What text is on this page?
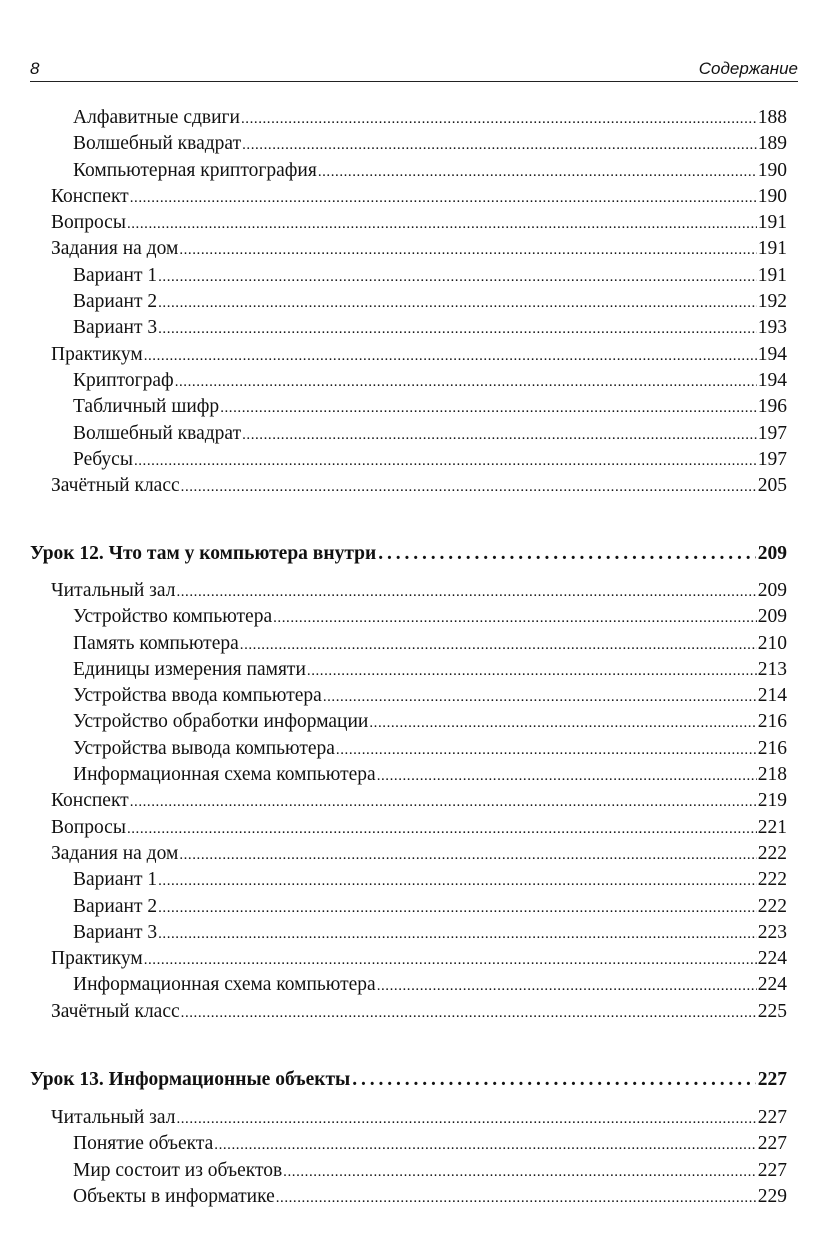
8	Содержание
Алфавитные сдвиги . . .	188
Волшебный квадрат . . .	189
Компьютерная криптография . . .	190
Конспект . . .	190
Вопросы . . .	191
Задания на дом . . .	191
Вариант 1 . . .	191
Вариант 2 . . .	192
Вариант 3 . . .	193
Практикум . . .	194
Криптограф . . .	194
Табличный шифр . . .	196
Волшебный квадрат . . .	197
Ребусы . . .	197
Зачётный класс . . .	205
Урок 12. Что там у компьютера внутри . . .	209
Читальный зал . . .	209
Устройство компьютера . . .	209
Память компьютера . . .	210
Единицы измерения памяти . . .	213
Устройства ввода компьютера . . .	214
Устройство обработки информации . . .	216
Устройства вывода компьютера . . .	216
Информационная схема компьютера . . .	218
Конспект . . .	219
Вопросы . . .	221
Задания на дом . . .	222
Вариант 1 . . .	222
Вариант 2 . . .	222
Вариант 3 . . .	223
Практикум . . .	224
Информационная схема компьютера . . .	224
Зачётный класс . . .	225
Урок 13. Информационные объекты . . .	227
Читальный зал . . .	227
Понятие объекта . . .	227
Мир состоит из объектов . . .	227
Объекты в информатике . . .	229
